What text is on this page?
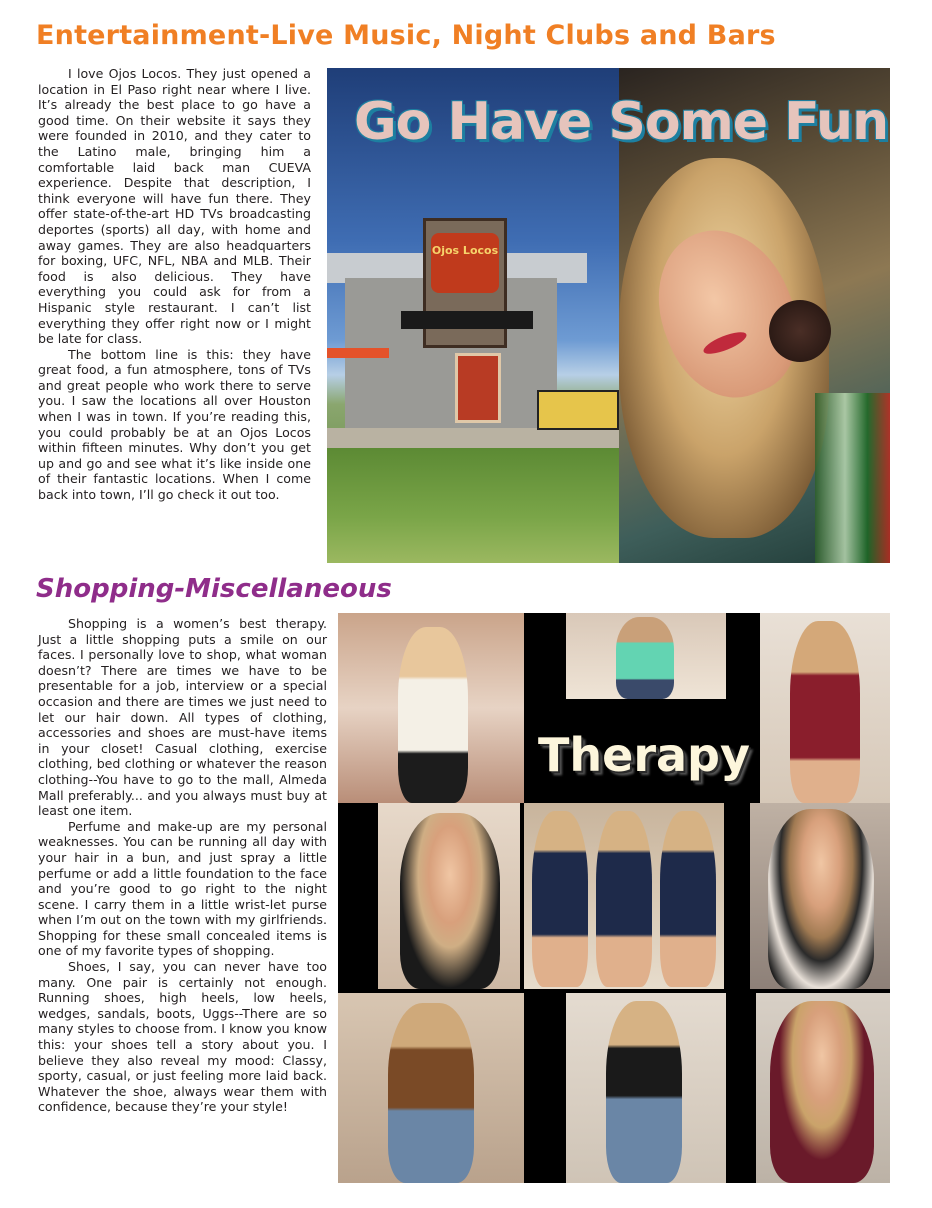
Entertainment-Live Music, Night Clubs and Bars

I love Ojos Locos. They just opened a location in El Paso right near where I live. It’s already the best place to go have a good time. On their website it says they were founded in 2010, and they cater to the Latino male, bringing him a comfortable laid back man CUEVA experience. Despite that description, I think everyone will have fun there. They offer state-of-the-art HD TVs broadcasting deportes (sports) all day, with home and away games. They are also headquarters for boxing, UFC, NFL, NBA and MLB. Their food is also delicious. They have everything you could ask for from a Hispanic style restaurant. I can’t list everything they offer right now or I might be late for class.

The bottom line is this: they have great food, a fun atmosphere, tons of TVs and great people who work there to serve you. I saw the locations all over Houston when I was in town. If you’re reading this, you could probably be at an Ojos Locos within fifteen minutes. Why don’t you get up and go and see what it’s like inside one of their fantastic locations. When I come back into town, I’ll go check it out too.

Ojos Locos
Go Have Some Fun
Shopping-Miscellaneous

Shopping is a women’s best therapy. Just a little shopping puts a smile on our faces. I personally love to shop, what woman doesn’t? There are times we have to be presentable for a job, interview or a special occasion and there are times we just need to let our hair down. All types of clothing, accessories and shoes are must-have items in your closet! Casual clothing, exercise clothing, bed clothing or whatever the reason clothing--You have to go to the mall, Almeda Mall preferably... and you always must buy at least one item.

Perfume and make-up are my personal weaknesses. You can be running all day with your hair in a bun, and just spray a little perfume or add a little foundation to the face and you’re good to go right to the night scene. I carry them in a little wrist-let purse when I’m out on the town with my girlfriends. Shopping for these small concealed items is one of my favorite types of shopping.

Shoes, I say, you can never have too many. One pair is certainly not enough. Running shoes, high heels, low heels, wedges, sandals, boots, Uggs--There are so many styles to choose from. I know you know this: your shoes tell a story about you. I believe they also reveal my mood: Classy, sporty, casual, or just feeling more laid back. Whatever the shoe, always wear them with confidence, because they’re your style!

Therapy
